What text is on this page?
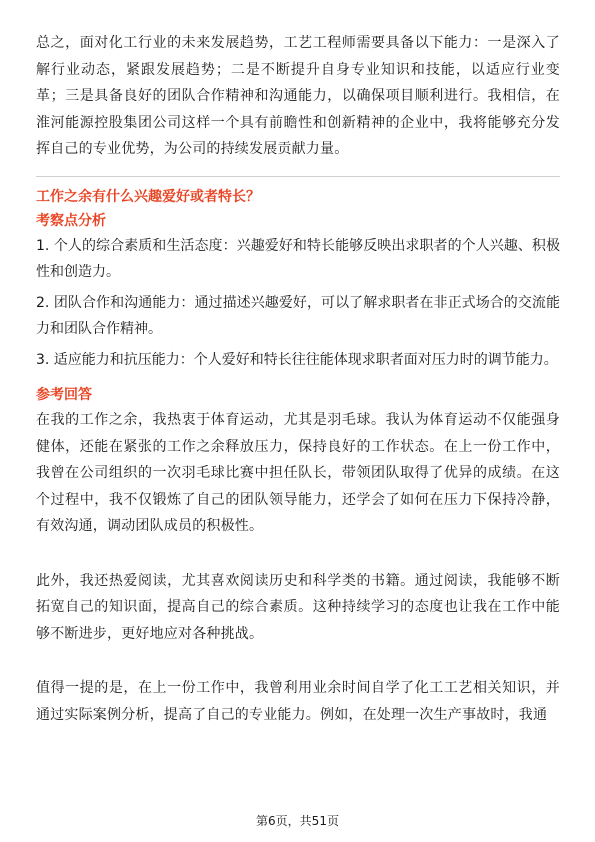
总之，面对化工行业的未来发展趋势，工艺工程师需要具备以下能力：一是深入了解行业动态，紧跟发展趋势；二是不断提升自身专业知识和技能，以适应行业变革；三是具备良好的团队合作精神和沟通能力，以确保项目顺利进行。我相信，在淮河能源控股集团公司这样一个具有前瞻性和创新精神的企业中，我将能够充分发挥自己的专业优势，为公司的持续发展贡献力量。

工作之余有什么兴趣爱好或者特长？

考察点分析

1. 个人的综合素质和生活态度：兴趣爱好和特长能够反映出求职者的个人兴趣、积极性和创造力。

2. 团队合作和沟通能力：通过描述兴趣爱好，可以了解求职者在非正式场合的交流能力和团队合作精神。

3. 适应能力和抗压能力：个人爱好和特长往往能体现求职者面对压力时的调节能力。

参考回答

在我的工作之余，我热衷于体育运动，尤其是羽毛球。我认为体育运动不仅能强身健体，还能在紧张的工作之余释放压力，保持良好的工作状态。在上一份工作中，我曾在公司组织的一次羽毛球比赛中担任队长，带领团队取得了优异的成绩。在这个过程中，我不仅锻炼了自己的团队领导能力，还学会了如何在压力下保持冷静，有效沟通，调动团队成员的积极性。

此外，我还热爱阅读，尤其喜欢阅读历史和科学类的书籍。通过阅读，我能够不断拓宽自己的知识面，提高自己的综合素质。这种持续学习的态度也让我在工作中能够不断进步，更好地应对各种挑战。

值得一提的是，在上一份工作中，我曾利用业余时间自学了化工工艺相关知识，并通过实际案例分析，提高了自己的专业能力。例如，在处理一次生产事故时，我通

第6页，共51页
